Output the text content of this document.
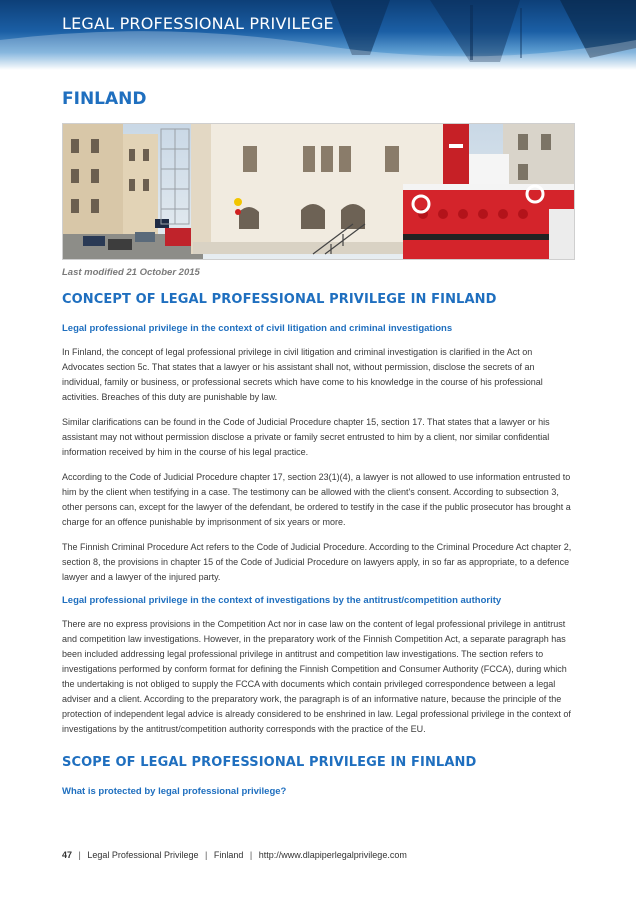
LEGAL PROFESSIONAL PRIVILEGE
FINLAND
Last modified 21 October 2015
CONCEPT OF LEGAL PROFESSIONAL PRIVILEGE IN FINLAND
Legal professional privilege in the context of civil litigation and criminal investigations

In Finland, the concept of legal professional privilege in civil litigation and criminal investigation is clarified in the Act on Advocates section 5c. That states that a lawyer or his assistant shall not, without permission, disclose the secrets of an individual, family or business, or professional secrets which have come to his knowledge in the course of his professional activities. Breaches of this duty are punishable by law.

Similar clarifications can be found in the Code of Judicial Procedure chapter 15, section 17. That states that a lawyer or his assistant may not without permission disclose a private or family secret entrusted to him by a client, nor similar confidential information received by him in the course of his legal practice.

According to the Code of Judicial Procedure chapter 17, section 23(1)(4), a lawyer is not allowed to use information entrusted to him by the client when testifying in a case. The testimony can be allowed with the client's consent. According to subsection 3, other persons can, except for the lawyer of the defendant, be ordered to testify in the case if the public prosecutor has brought a charge for an offence punishable by imprisonment of six years or more.

The Finnish Criminal Procedure Act refers to the Code of Judicial Procedure. According to the Criminal Procedure Act chapter 2, section 8, the provisions in chapter 15 of the Code of Judicial Procedure on lawyers apply, in so far as appropriate, to a defence lawyer and a lawyer of the injured party.

Legal professional privilege in the context of investigations by the antitrust/competition authority

There are no express provisions in the Competition Act nor in case law on the content of legal professional privilege in antitrust and competition law investigations. However, in the preparatory work of the Finnish Competition Act, a separate paragraph has been included addressing legal professional privilege in antitrust and competition law investigations. The section refers to investigations performed by conform format for defining the Finnish Competition and Consumer Authority (FCCA), during which the undertaking is not obliged to supply the FCCA with documents which contain privileged correspondence between a legal adviser and a client. According to the preparatory work, the paragraph is of an informative nature, because the principle of the protection of independent legal advice is already considered to be enshrined in law. Legal professional privilege in the context of investigations by the antitrust/competition authority corresponds with the practice of the EU.

SCOPE OF LEGAL PROFESSIONAL PRIVILEGE IN FINLAND
What is protected by legal professional privilege?
47 | Legal Professional Privilege | Finland | http://www.dlapiperlegalprivilege.com
